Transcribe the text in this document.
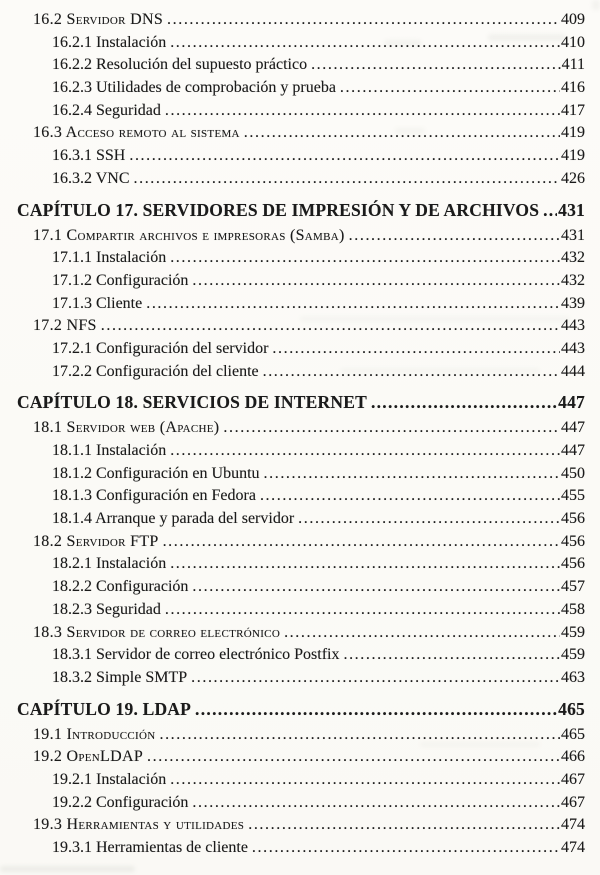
16.2 Servidor DNS .....	409
16.2.1 Instalación .....	410
16.2.2 Resolución del supuesto práctico .....	411
16.2.3 Utilidades de comprobación y prueba .....	416
16.2.4 Seguridad .....	417
16.3 Acceso remoto al sistema .....	419
16.3.1 SSH .....	419
16.3.2 VNC .....	426
CAPÍTULO 17. SERVIDORES DE IMPRESIÓN Y DE ARCHIVOS ..... 431
17.1 Compartir archivos e impresoras (Samba) .....	431
17.1.1 Instalación .....	432
17.1.2 Configuración .....	432
17.1.3 Cliente .....	439
17.2 NFS .....	443
17.2.1 Configuración del servidor .....	443
17.2.2 Configuración del cliente .....	444
CAPÍTULO 18. SERVICIOS DE INTERNET .....	447
18.1 Servidor web (Apache) .....	447
18.1.1 Instalación .....	447
18.1.2 Configuración en Ubuntu .....	450
18.1.3 Configuración en Fedora .....	455
18.1.4 Arranque y parada del servidor .....	456
18.2 Servidor FTP .....	456
18.2.1 Instalación .....	456
18.2.2 Configuración .....	457
18.2.3 Seguridad .....	458
18.3 Servidor de correo electrónico .....	459
18.3.1 Servidor de correo electrónico Postfix .....	459
18.3.2 Simple SMTP .....	463
CAPÍTULO 19. LDAP .....	465
19.1 Introducción .....	465
19.2 OpenLDAP .....	466
19.2.1 Instalación .....	467
19.2.2 Configuración .....	467
19.3 Herramientas y utilidades .....	474
19.3.1 Herramientas de cliente .....	474
